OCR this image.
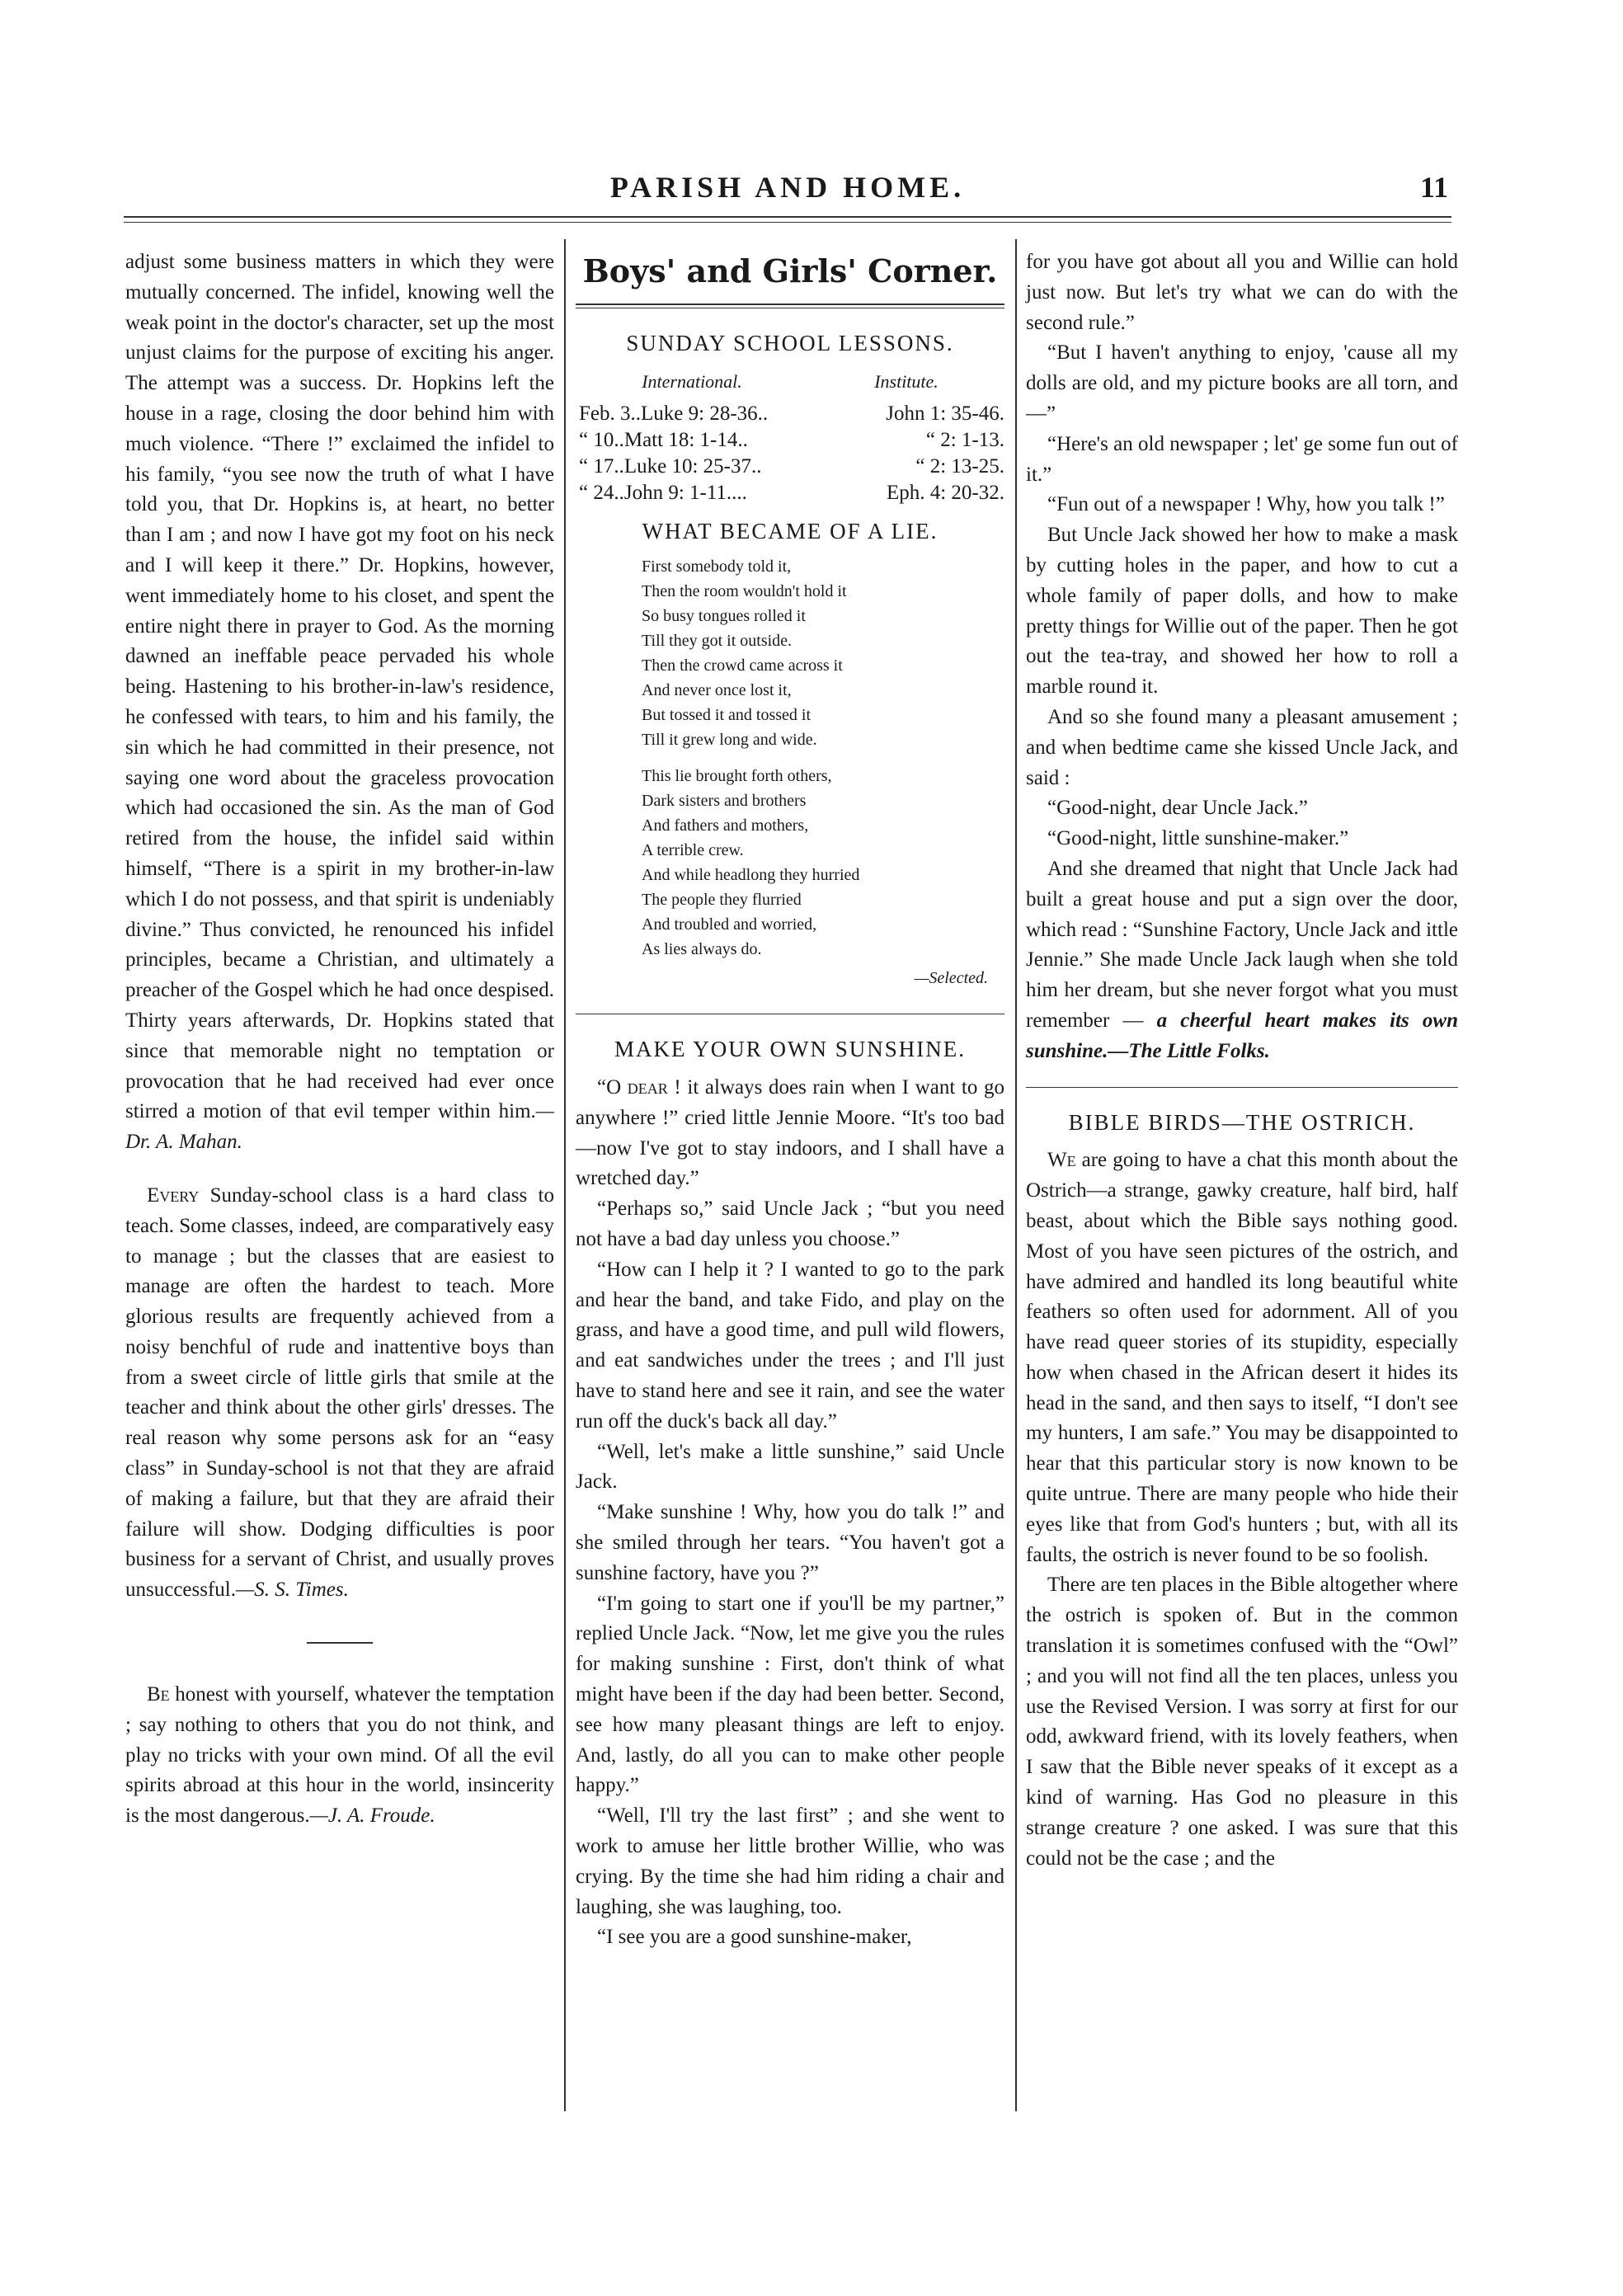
PARISH AND HOME.	11

adjust some business matters in which they were mutually concerned. The infidel, knowing well the weak point in the doctor's character, set up the most unjust claims for the purpose of exciting his anger. The attempt was a success. Dr. Hopkins left the house in a rage, closing the door behind him with much violence. “There !” exclaimed the infidel to his family, “you see now the truth of what I have told you, that Dr. Hopkins is, at heart, no better than I am ; and now I have got my foot on his neck and I will keep it there.” Dr. Hopkins, however, went immediately home to his closet, and spent the entire night there in prayer to God. As the morning dawned an ineffable peace pervaded his whole being. Hastening to his brother-in-law's residence, he confessed with tears, to him and his family, the sin which he had committed in their presence, not saying one word about the graceless provocation which had occasioned the sin. As the man of God retired from the house, the infidel said within himself, “There is a spirit in my brother-in-law which I do not possess, and that spirit is undeniably divine.” Thus convicted, he renounced his infidel principles, became a Christian, and ultimately a preacher of the Gospel which he had once despised. Thirty years afterwards, Dr. Hopkins stated that since that memorable night no temptation or provocation that he had received had ever once stirred a motion of that evil temper within him.—Dr. A. Mahan.

Every Sunday-school class is a hard class to teach. Some classes, indeed, are comparatively easy to manage ; but the classes that are easiest to manage are often the hardest to teach. More glorious results are frequently achieved from a noisy benchful of rude and inattentive boys than from a sweet circle of little girls that smile at the teacher and think about the other girls' dresses. The real reason why some persons ask for an “easy class” in Sunday-school is not that they are afraid of making a failure, but that they are afraid their failure will show. Dodging difficulties is poor business for a servant of Christ, and usually proves unsuccessful.—S. S. Times.

Be honest with yourself, whatever the temptation ; say nothing to others that you do not think, and play no tricks with your own mind. Of all the evil spirits abroad at this hour in the world, insincerity is the most dangerous.—J. A. Froude.

Boys' and Girls' Corner.
SUNDAY SCHOOL LESSONS.
International.	Institute.
Feb. 3..Luke 9: 28-36..	John 1: 35-46.
“ 10..Matt 18: 1-14..	“ 2: 1-13.
“ 17..Luke 10: 25-37..	“ 2: 13-25.
“ 24..John 9: 1-11....	Eph. 4: 20-32.
WHAT BECAME OF A LIE.
First somebody told it,
Then the room wouldn't hold it
So busy tongues rolled it
Till they got it outside.
Then the crowd came across it
And never once lost it,
But tossed it and tossed it
Till it grew long and wide.
This lie brought forth others,
Dark sisters and brothers
And fathers and mothers,
A terrible crew.
And while headlong they hurried
The people they flurried
And troubled and worried,
As lies always do.
—Selected.
MAKE YOUR OWN SUNSHINE.

“O dear ! it always does rain when I want to go anywhere !” cried little Jennie Moore. “It's too bad—now I've got to stay indoors, and I shall have a wretched day.”

“Perhaps so,” said Uncle Jack ; “but you need not have a bad day unless you choose.”

“How can I help it ? I wanted to go to the park and hear the band, and take Fido, and play on the grass, and have a good time, and pull wild flowers, and eat sandwiches under the trees ; and I'll just have to stand here and see it rain, and see the water run off the duck's back all day.”

“Well, let's make a little sunshine,” said Uncle Jack.

“Make sunshine ! Why, how you do talk !” and she smiled through her tears. “You haven't got a sunshine factory, have you ?”

“I'm going to start one if you'll be my partner,” replied Uncle Jack. “Now, let me give you the rules for making sunshine : First, don't think of what might have been if the day had been better. Second, see how many pleasant things are left to enjoy. And, lastly, do all you can to make other people happy.”

“Well, I'll try the last first” ; and she went to work to amuse her little brother Willie, who was crying. By the time she had him riding a chair and laughing, she was laughing, too.

“I see you are a good sunshine-maker,

for you have got about all you and Willie can hold just now. But let's try what we can do with the second rule.”

“But I haven't anything to enjoy, 'cause all my dolls are old, and my picture books are all torn, and—”

“Here's an old newspaper ; let' ge some fun out of it.”

“Fun out of a newspaper ! Why, how you talk !”

But Uncle Jack showed her how to make a mask by cutting holes in the paper, and how to cut a whole family of paper dolls, and how to make pretty things for Willie out of the paper. Then he got out the tea-tray, and showed her how to roll a marble round it.

And so she found many a pleasant amusement ; and when bedtime came she kissed Uncle Jack, and said :

“Good-night, dear Uncle Jack.”

“Good-night, little sunshine-maker.”

And she dreamed that night that Uncle Jack had built a great house and put a sign over the door, which read : “Sunshine Factory, Uncle Jack and ittle Jennie.” She made Uncle Jack laugh when she told him her dream, but she never forgot what you must remember — a cheerful heart makes its own sunshine.—The Little Folks.

BIBLE BIRDS—THE OSTRICH.

We are going to have a chat this month about the Ostrich—a strange, gawky creature, half bird, half beast, about which the Bible says nothing good. Most of you have seen pictures of the ostrich, and have admired and handled its long beautiful white feathers so often used for adornment. All of you have read queer stories of its stupidity, especially how when chased in the African desert it hides its head in the sand, and then says to itself, “I don't see my hunters, I am safe.” You may be disappointed to hear that this particular story is now known to be quite untrue. There are many people who hide their eyes like that from God's hunters ; but, with all its faults, the ostrich is never found to be so foolish.

There are ten places in the Bible altogether where the ostrich is spoken of. But in the common translation it is sometimes confused with the “Owl” ; and you will not find all the ten places, unless you use the Revised Version. I was sorry at first for our odd, awkward friend, with its lovely feathers, when I saw that the Bible never speaks of it except as a kind of warning. Has God no pleasure in this strange creature ? one asked. I was sure that this could not be the case ; and the
